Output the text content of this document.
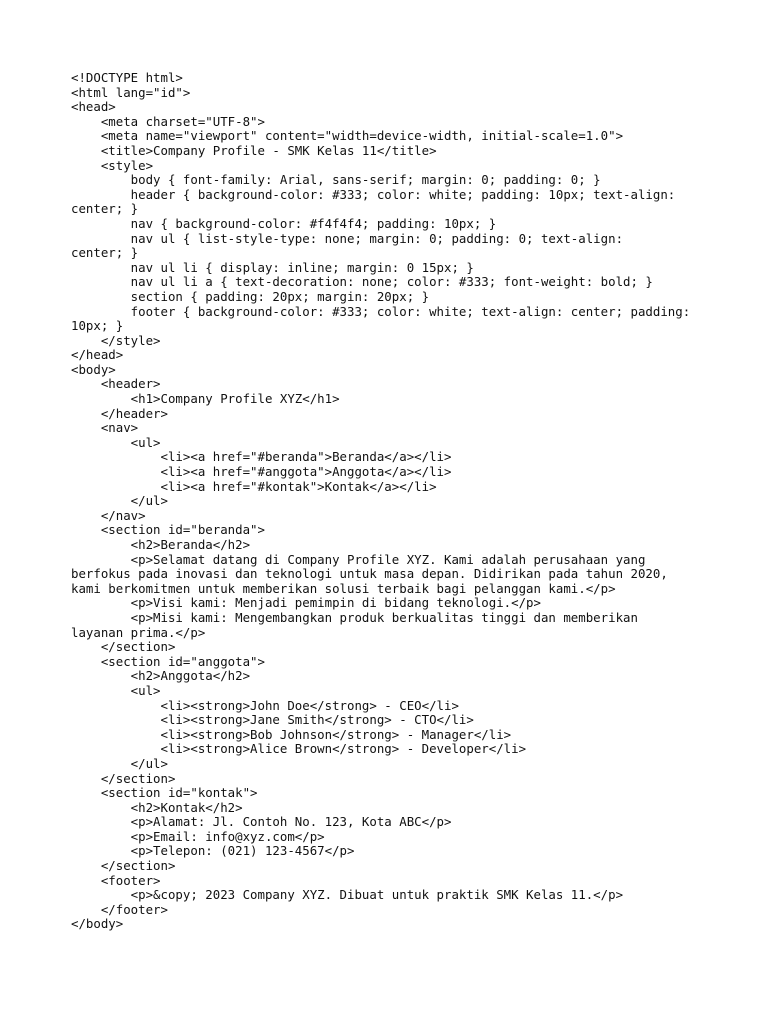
<!DOCTYPE html>
<html lang="id">
<head>
<meta charset="UTF-8">
<meta name="viewport" content="width=device-width, initial-scale=1.0">
<title>Company Profile - SMK Kelas 11</title>
<style>
body { font-family: Arial, sans-serif; margin: 0; padding: 0; }
header { background-color: #333; color: white; padding: 10px; text-align:
center; }
nav { background-color: #f4f4f4; padding: 10px; }
nav ul { list-style-type: none; margin: 0; padding: 0; text-align:
center; }
nav ul li { display: inline; margin: 0 15px; }
nav ul li a { text-decoration: none; color: #333; font-weight: bold; }
section { padding: 20px; margin: 20px; }
footer { background-color: #333; color: white; text-align: center; padding:
10px; }
</style>
</head>
<body>
<header>
<h1>Company Profile XYZ</h1>
</header>
<nav>
<ul>
<li><a href="#beranda">Beranda</a></li>
<li><a href="#anggota">Anggota</a></li>
<li><a href="#kontak">Kontak</a></li>
</ul>
</nav>
<section id="beranda">
<h2>Beranda</h2>
<p>Selamat datang di Company Profile XYZ. Kami adalah perusahaan yang
berfokus pada inovasi dan teknologi untuk masa depan. Didirikan pada tahun 2020,
kami berkomitmen untuk memberikan solusi terbaik bagi pelanggan kami.</p>
<p>Visi kami: Menjadi pemimpin di bidang teknologi.</p>
<p>Misi kami: Mengembangkan produk berkualitas tinggi dan memberikan
layanan prima.</p>
</section>
<section id="anggota">
<h2>Anggota</h2>
<ul>
<li><strong>John Doe</strong> - CEO</li>
<li><strong>Jane Smith</strong> - CTO</li>
<li><strong>Bob Johnson</strong> - Manager</li>
<li><strong>Alice Brown</strong> - Developer</li>
</ul>
</section>
<section id="kontak">
<h2>Kontak</h2>
<p>Alamat: Jl. Contoh No. 123, Kota ABC</p>
<p>Email: info@xyz.com</p>
<p>Telepon: (021) 123-4567</p>
</section>
<footer>
<p>&copy; 2023 Company XYZ. Dibuat untuk praktik SMK Kelas 11.</p>
</footer>
</body>
